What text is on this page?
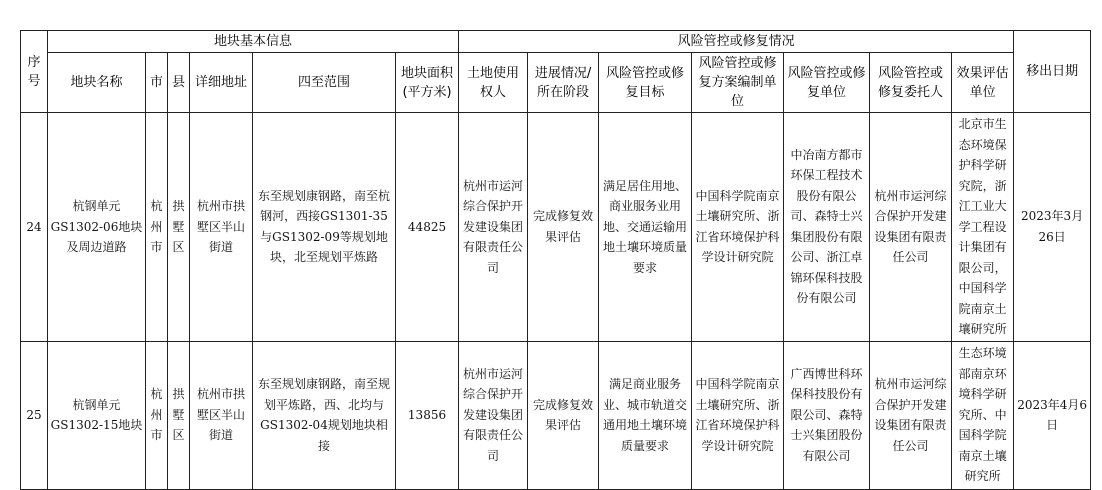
序号	地块基本信息						风险管控或修复情况							移出日期
	地块名称	市	县	详细地址	四至范围	地块面积(平方米)	土地使用权人	进展情况/所在阶段	风险管控或修复目标	风险管控或修复方案编制单位	风险管控或修复单位	风险管控或修复委托人	效果评估单位	
24	杭钢单元GS1302-06地块及周边道路	杭州市	拱墅区	杭州市拱墅区半山街道	东至规划康钢路，南至杭钢河，西接GS1301-35与GS1302-09等规划地块，北至规划平炼路	44825	杭州市运河综合保护开发建设集团有限责任公司	完成修复效果评估	满足居住用地、商业服务业用地、交通运输用地土壤环境质量要求	中国科学院南京土壤研究所、浙江省环境保护科学设计研究院	中冶南方都市环保工程技术股份有限公司、森特士兴集团股份有限公司、浙江卓锦环保科技股份有限公司	杭州市运河综合保护开发建设集团有限责任公司	北京市生态环境保护科学研究院，浙江工业大学工程设计集团有限公司，中国科学院南京土壤研究所	2023年3月26日
25	杭钢单元GS1302-15地块	杭州市	拱墅区	杭州市拱墅区半山街道	东至规划康钢路，南至规划平炼路，西、北均与GS1302-04规划地块相接	13856	杭州市运河综合保护开发建设集团有限责任公司	完成修复效果评估	满足商业服务业、城市轨道交通用地土壤环境质量要求	中国科学院南京土壤研究所、浙江省环境保护科学设计研究院	广西博世科环保科技股份有限公司、森特士兴集团股份有限公司	杭州市运河综合保护开发建设集团有限责任公司	生态环境部南京环境科学研究所、中国科学院南京土壤研究所	2023年4月6日
